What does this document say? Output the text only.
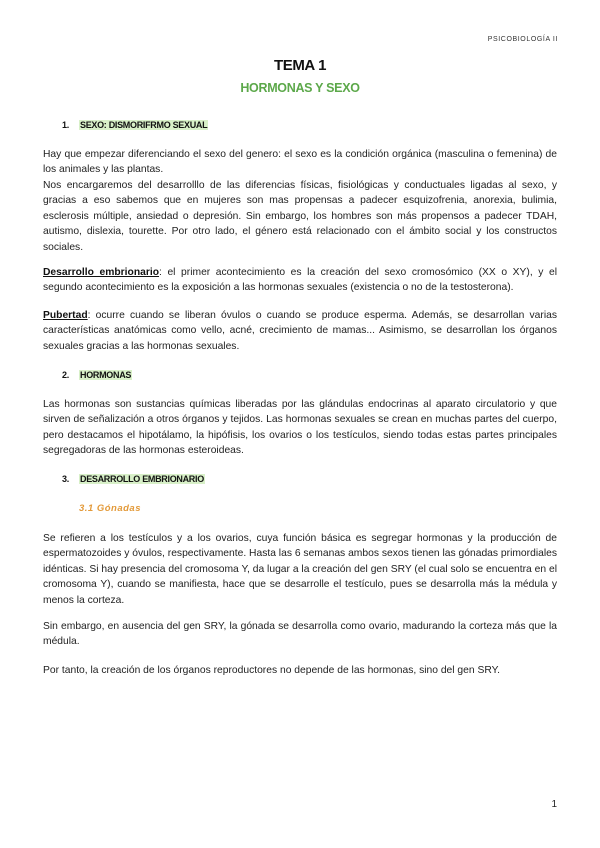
PSICOBIOLOGÍA II
TEMA 1
HORMONAS Y SEXO
1. SEXO: DISMORIFRMO SEXUAL
Hay que empezar diferenciando el sexo del genero: el sexo es la condición orgánica (masculina o femenina) de los animales y las plantas.
Nos encargaremos del desarrolllo de las diferencias físicas, fisiológicas y conductuales ligadas al sexo, y gracias a eso sabemos que en mujeres son mas propensas a padecer esquizofrenia, anorexia, bulimia, esclerosis múltiple, ansiedad o depresión. Sin embargo, los hombres son más propensos a padecer TDAH, autismo, dislexia, tourette. Por otro lado, el género está relacionado con el ámbito social y los constructos sociales.
Desarrollo embrionario: el primer acontecimiento es la creación del sexo cromosómico (XX o XY), y el segundo acontecimiento es la exposición a las hormonas sexuales (existencia o no de la testosterona).
Pubertad: ocurre cuando se liberan óvulos o cuando se produce esperma. Además, se desarrollan varias características anatómicas como vello, acné, crecimiento de mamas... Asimismo, se desarrollan los órganos sexuales gracias a las hormonas sexuales.
2. HORMONAS
Las hormonas son sustancias químicas liberadas por las glándulas endocrinas al aparato circulatorio y que sirven de señalización a otros órganos y tejidos. Las hormonas sexuales se crean en muchas partes del cuerpo, pero destacamos el hipotálamo, la hipófisis, los ovarios o los testículos, siendo todas estas partes principales segregadoras de las hormonas esteroideas.
3. DESARROLLO EMBRIONARIO
3.1 Gónadas
Se refieren a los testículos y a los ovarios, cuya función básica es segregar hormonas y la producción de espermatozoides y óvulos, respectivamente. Hasta las 6 semanas ambos sexos tienen las gónadas primordiales idénticas. Si hay presencia del cromosoma Y, da lugar a la creación del gen SRY (el cual solo se encuentra en el cromosoma Y), cuando se manifiesta, hace que se desarrolle el testículo, pues se desarrolla más la médula y menos la corteza.
Sin embargo, en ausencia del gen SRY, la gónada se desarrolla como ovario, madurando la corteza más que la médula.
Por tanto, la creación de los órganos reproductores no depende de las hormonas, sino del gen SRY.
1
